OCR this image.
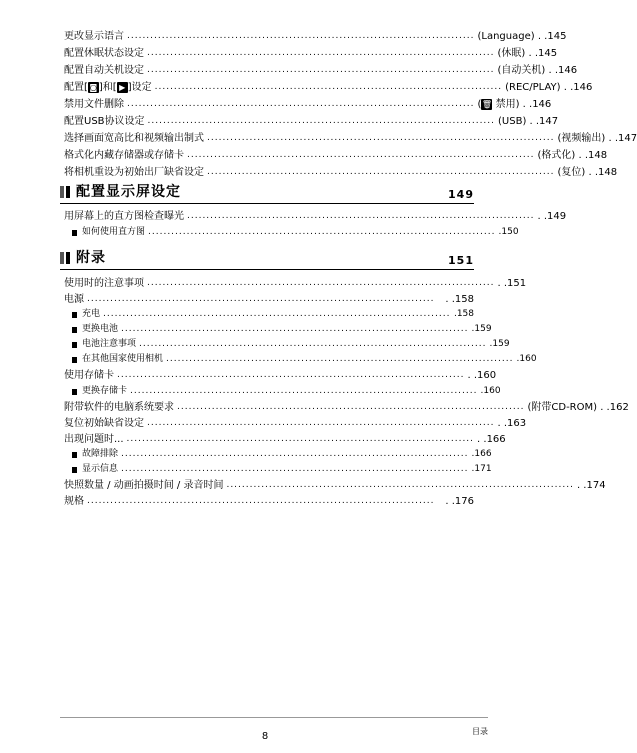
更改显示语言 .......................................................................................... (Language) . .145
配置休眠状态设定 .......................................................................................... (休眠) . .145
配置自动关机设定 .......................................................................................... (自动关机) . .146
配置[ ◙ ]和[ ▶ ]设定 .......................................................................................... (REC/PLAY) . .146
禁用文件删除 .......................................................................................... (🗑 禁用) . .146
配置USB协议设定 .......................................................................................... (USB) . .147
选择画面宽高比和视频输出制式 .......................................................................................... (视频输出) . .147
格式化内藏存储器或存储卡 .......................................................................................... (格式化) . .148
将相机重设为初始出厂缺省设定 .......................................................................................... (复位) . .148
配置显示屏设定	149
用屏幕上的直方图检查曝光 .......................................................................................... . .149
如何使用直方图 .......................................................................................... .150
附录	151
使用时的注意事项 .......................................................................................... . .151
电源 ..........................................................................................	. .158
充电 .......................................................................................... .158
更换电池 .......................................................................................... .159
电池注意事项 .......................................................................................... .159
在其他国家使用相机 .......................................................................................... .160
使用存储卡 .......................................................................................... . .160
更换存储卡 .......................................................................................... .160
附带软件的电脑系统要求 .......................................................................................... (附带CD-ROM) . .162
复位初始缺省设定 .......................................................................................... . .163
出现问题时... .......................................................................................... . .166
故障排除 .......................................................................................... .166
显示信息 .......................................................................................... .171
快照数量 / 动画拍摄时间 / 录音时间 .......................................................................................... . .174
规格 ..........................................................................................	. .176
8	目录
